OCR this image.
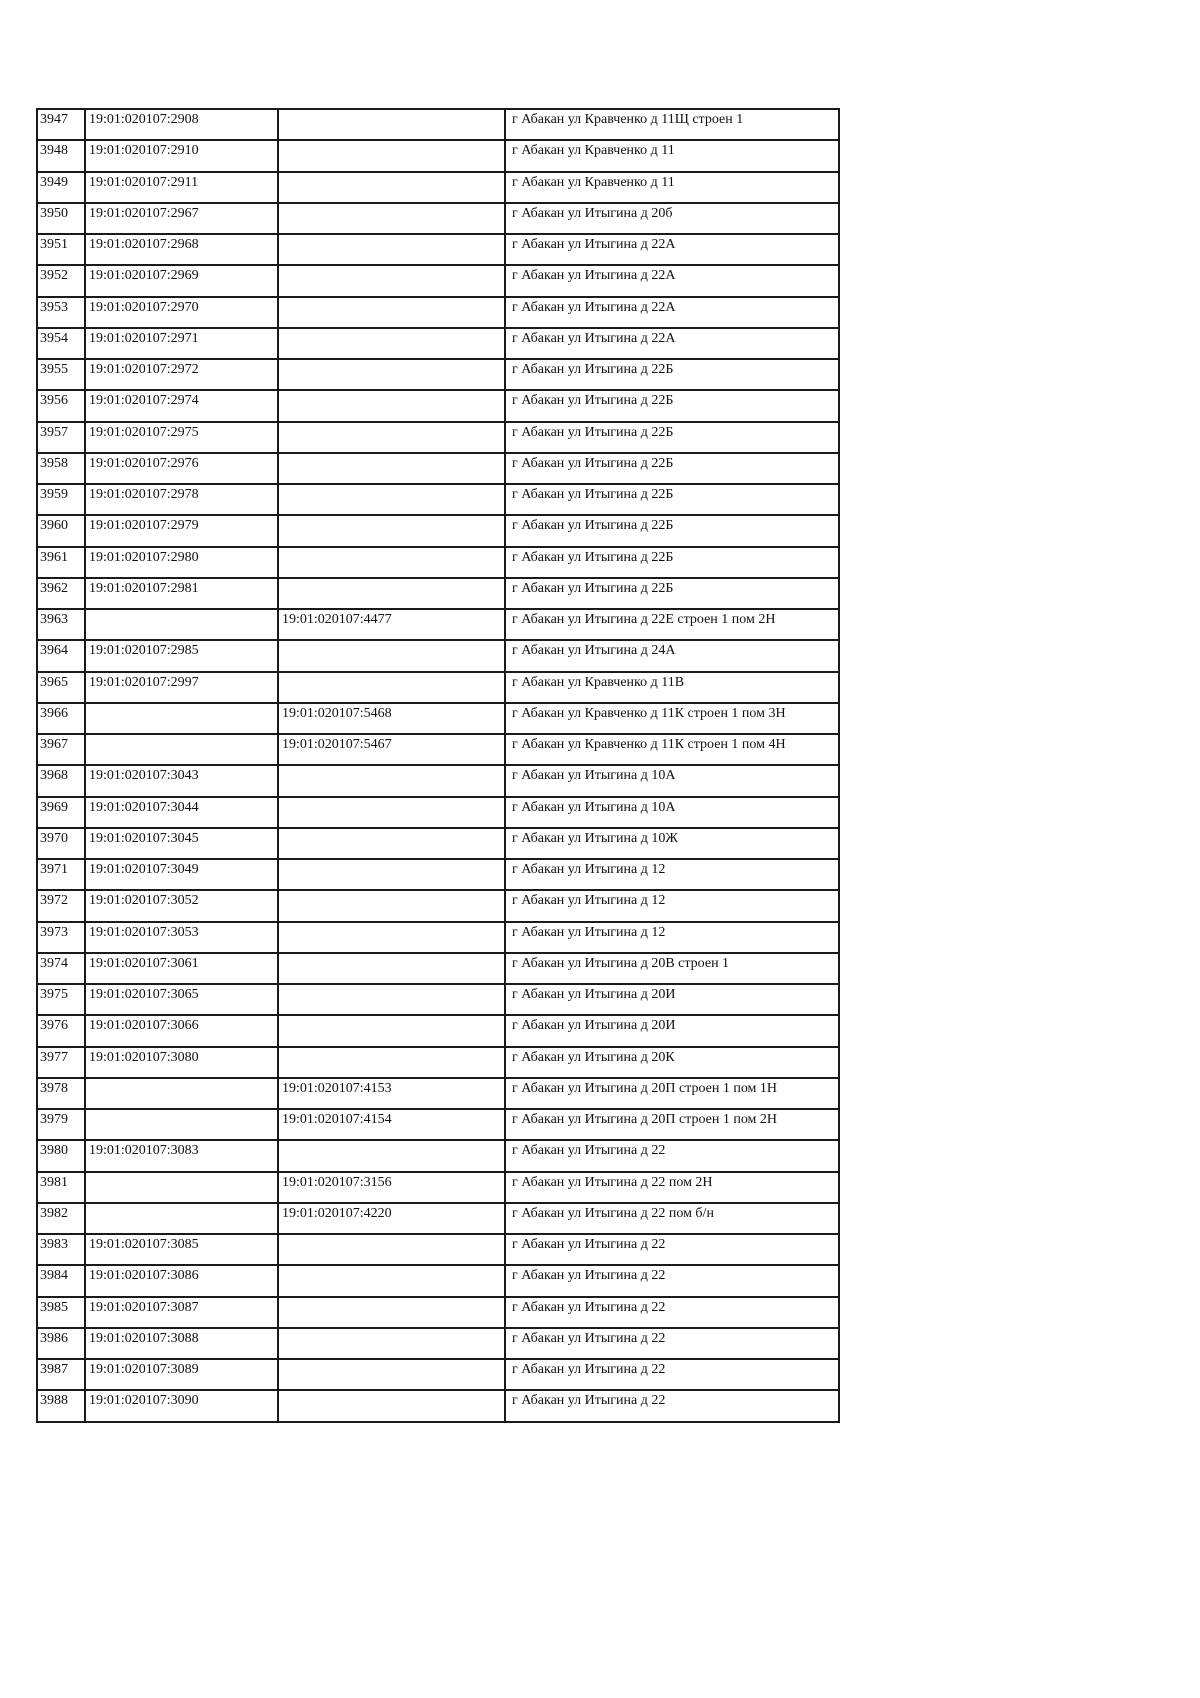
3947	19:01:020107:2908		г Абакан ул Кравченко д 11Щ строен 1
3948	19:01:020107:2910		г Абакан ул Кравченко д 11
3949	19:01:020107:2911		г Абакан ул Кравченко д 11
3950	19:01:020107:2967		г Абакан ул Итыгина д 20б
3951	19:01:020107:2968		г Абакан ул Итыгина д 22А
3952	19:01:020107:2969		г Абакан ул Итыгина д 22А
3953	19:01:020107:2970		г Абакан ул Итыгина д 22А
3954	19:01:020107:2971		г Абакан ул Итыгина д 22А
3955	19:01:020107:2972		г Абакан ул Итыгина д 22Б
3956	19:01:020107:2974		г Абакан ул Итыгина д 22Б
3957	19:01:020107:2975		г Абакан ул Итыгина д 22Б
3958	19:01:020107:2976		г Абакан ул Итыгина д 22Б
3959	19:01:020107:2978		г Абакан ул Итыгина д 22Б
3960	19:01:020107:2979		г Абакан ул Итыгина д 22Б
3961	19:01:020107:2980		г Абакан ул Итыгина д 22Б
3962	19:01:020107:2981		г Абакан ул Итыгина д 22Б
3963		19:01:020107:4477	г Абакан ул Итыгина д 22Е строен 1 пом 2Н
3964	19:01:020107:2985		г Абакан ул Итыгина д 24А
3965	19:01:020107:2997		г Абакан ул Кравченко д 11В
3966		19:01:020107:5468	г Абакан ул Кравченко д 11К строен 1 пом 3Н
3967		19:01:020107:5467	г Абакан ул Кравченко д 11К строен 1 пом 4Н
3968	19:01:020107:3043		г Абакан ул Итыгина д 10А
3969	19:01:020107:3044		г Абакан ул Итыгина д 10А
3970	19:01:020107:3045		г Абакан ул Итыгина д 10Ж
3971	19:01:020107:3049		г Абакан ул Итыгина д 12
3972	19:01:020107:3052		г Абакан ул Итыгина д 12
3973	19:01:020107:3053		г Абакан ул Итыгина д 12
3974	19:01:020107:3061		г Абакан ул Итыгина д 20В строен 1
3975	19:01:020107:3065		г Абакан ул Итыгина д 20И
3976	19:01:020107:3066		г Абакан ул Итыгина д 20И
3977	19:01:020107:3080		г Абакан ул Итыгина д 20К
3978		19:01:020107:4153	г Абакан ул Итыгина д 20П строен 1 пом 1Н
3979		19:01:020107:4154	г Абакан ул Итыгина д 20П строен 1 пом 2Н
3980	19:01:020107:3083		г Абакан ул Итыгина д 22
3981		19:01:020107:3156	г Абакан ул Итыгина д 22 пом 2Н
3982		19:01:020107:4220	г Абакан ул Итыгина д 22 пом б/н
3983	19:01:020107:3085		г Абакан ул Итыгина д 22
3984	19:01:020107:3086		г Абакан ул Итыгина д 22
3985	19:01:020107:3087		г Абакан ул Итыгина д 22
3986	19:01:020107:3088		г Абакан ул Итыгина д 22
3987	19:01:020107:3089		г Абакан ул Итыгина д 22
3988	19:01:020107:3090		г Абакан ул Итыгина д 22
